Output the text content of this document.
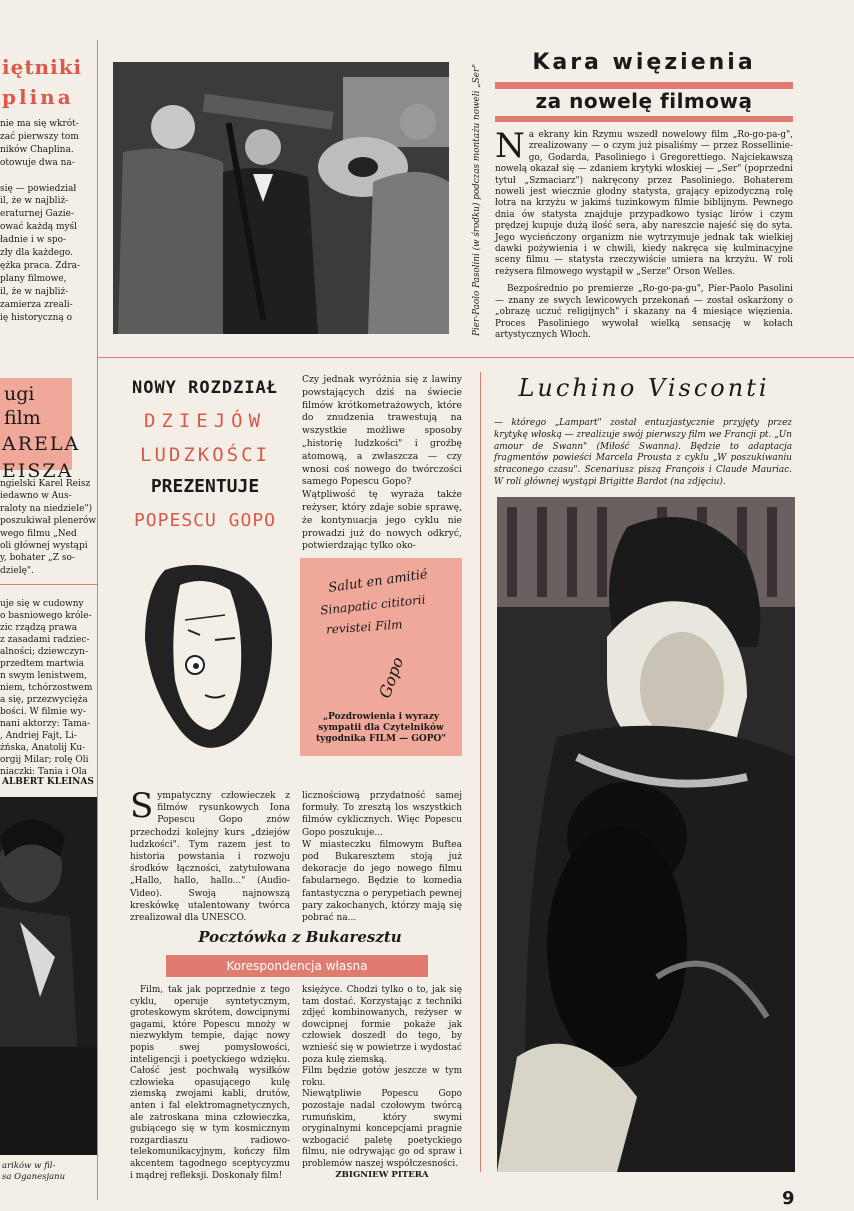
iętniki
plina
nie ma się wkrót-
zać pierwszy tom
ników Chaplina.
otowuje dwa na-

się — powiedział
il, że w najbliż-
eraturnej Gazie-
ować każdą myśl
ładnie i w spo-
zły dla każdego.
ężka praca. Zdra-
plany filmowe,
il, że w najbliż-
zamierza zreali-
ię historyczną o
ugi film
ARELA
EISZA
ngielski Karel Reisz
iedawno w Aus-
raloty na niedziele")
poszukiwał plenerów
wego filmu „Ned
oli głównej wystąpi
y, bohater „Z so-
dzielę".
uje się w cudowny
o basniowego króle-
zic rządzą prawa
z zasadami radziec-
alności; dziewczyn-
przedtem martwia
n swym lenistwem,
niem, tchórzostwem
a się, przezwycięża
bości. W filmie wy-
nani aktorzy: Tama-
, Andriej Fajt, Li-
żńska, Anatolij Ku-
orgij Milar; rolę Oli
niaczki: Tania i Ola
ALBERT KLEINAS
arików w fil-
sa Oganesjanu
Pier-Paolo Pasolini (w środku) podczas montażu noweli „Ser"
Kara więzienia
za nowelę filmową
N a ekrany kin Rzymu wszedł nowelowy film „Ro-go-pa-g", zrealizowany — o czym już pisaliśmy — przez Rossellinie-go, Godarda, Pasoliniego i Gregorettiego. Najciekawszą nowelą okazał się — zdaniem krytyki włoskiej — „Ser" (poprzedni tytuł „Szmaciarz") nakręcony przez Pasoliniego. Bohaterem noweli jest wiecznie głodny statysta, grający epizodyczną rolę łotra na krzyżu w jakimś tuzinkowym filmie biblijnym. Pewnego dnia ów statysta znajduje przypadkowo tysiąc lirów i czym prędzej kupuje dużą ilość sera, aby nareszcie najeść się do syta. Jego wycieńczony organizm nie wytrzymuje jednak tak wielkiej dawki pożywienia i w chwili, kiedy nakręca się kulminacyjne sceny filmu — statysta rzeczywiście umiera na krzyżu. W roli reżysera filmowego wystąpił w „Serze" Orson Welles.
Bezpośrednio po premierze „Ro-go-pa-gu", Pier-Paolo Pasolini — znany ze swych lewicowych przekonań — został oskarżony o „obrazę uczuć religijnych" i skazany na 4 miesiące więzienia. Proces Pasoliniego wywołał wielką sensację w kołach artystycznych Włoch.
NOWY ROZDZIAŁ
DZIEJÓW
LUDZKOŚCI
PREZENTUJE
POPESCU GOPO
Czy jednak wyróżnia się z lawiny powstających dziś na świecie filmów krótkometrażowych, które do znudzenia trawestują na wszystkie możliwe sposoby „historię ludzkości" i groźbę atomową, a zwłaszcza — czy wnosi coś nowego do twórczości samego Popescu Gopo?
Wątpliwość tę wyraża także reżyser, który zdaje sobie sprawę, że kontynuacja jego cyklu nie prowadzi już do nowych odkryć, potwierdzając tylko oko-
Salut en amitié
Sinapatic cititorii
revistei Film
Gopo
„Pozdrowienia i wyrazy sympatii dla Czytelników tygodnika FILM — GOPO"
S ympatyczny człowieczek z filmów rysunkowych Iona Popescu Gopo znów przechodzi kolejny kurs „dziejów ludzkości". Tym razem jest to historia powstania i rozwoju środków łączności, zatytułowana „Hallo, hallo, hallo..." (Audio-Video). Swoją najnowszą kreskówkę utalentowany twórca zrealizował dla UNESCO.
licznościową przydatność samej formuły. To zresztą los wszystkich filmów cyklicznych. Więc Popescu Gopo poszukuje...
W miasteczku filmowym Buftea pod Bukaresztem stoją już dekoracje do jego nowego filmu fabularnego. Będzie to komedia fantastyczna o perypetiach pewnej pary zakochanych, którzy mają się pobrać na...
Pocztówka z Bukaresztu
Korespondencja własna
Film, tak jak poprzednie z tego cyklu, operuje syntetycznym, groteskowym skrótem, dowcipnymi gagami, które Popescu mnoży w niezwykłym tempie, dając nowy popis swej pomysłowości, inteligencji i poetyckiego wdzięku. Całość jest pochwałą wysiłków człowieka opasującego kulę ziemską zwojami kabli, drutów, anten i fal elektromagnetycznych, ale zatroskana mina człowieczka, gubiącego się w tym kosmicznym rozgardiaszu radiowo-telekomunikacyjnym, kończy film akcentem tagodnego sceptycyzmu i mądrej refleksji. Doskonały film!
księżyce. Chodzi tylko o to, jak się tam dostać. Korzystając z techniki zdjęć kombinowanych, reżyser w dowcipnej formie pokaże jak człowiek doszedł do tego, by wznieść się w powietrze i wydostać poza kulę ziemską.
Film będzie gotów jeszcze w tym roku.
Niewątpliwie Popescu Gopo pozostaje nadal czołowym twórcą rumuńskim, który swymi oryginalnymi koncepcjami pragnie wzbogacić paletę poetyckiego filmu, nie odrywając go od spraw i problemów naszej współczesności.
ZBIGNIEW PITERA
Luchino Visconti
— którego „Lampart" został entuzjastycznie przyjęty przez krytykę włoską — zrealizuje swój pierwszy film we Francji pt. „Un amour de Swann" (Miłość Swanna). Będzie to adaptacja fragmentów powieści Marcela Prousta z cyklu „W poszukiwaniu straconego czasu". Scenariusz piszą François i Claude Mauriac. W roli głównej wystąpi Brigitte Bardot (na zdjęciu).
9
